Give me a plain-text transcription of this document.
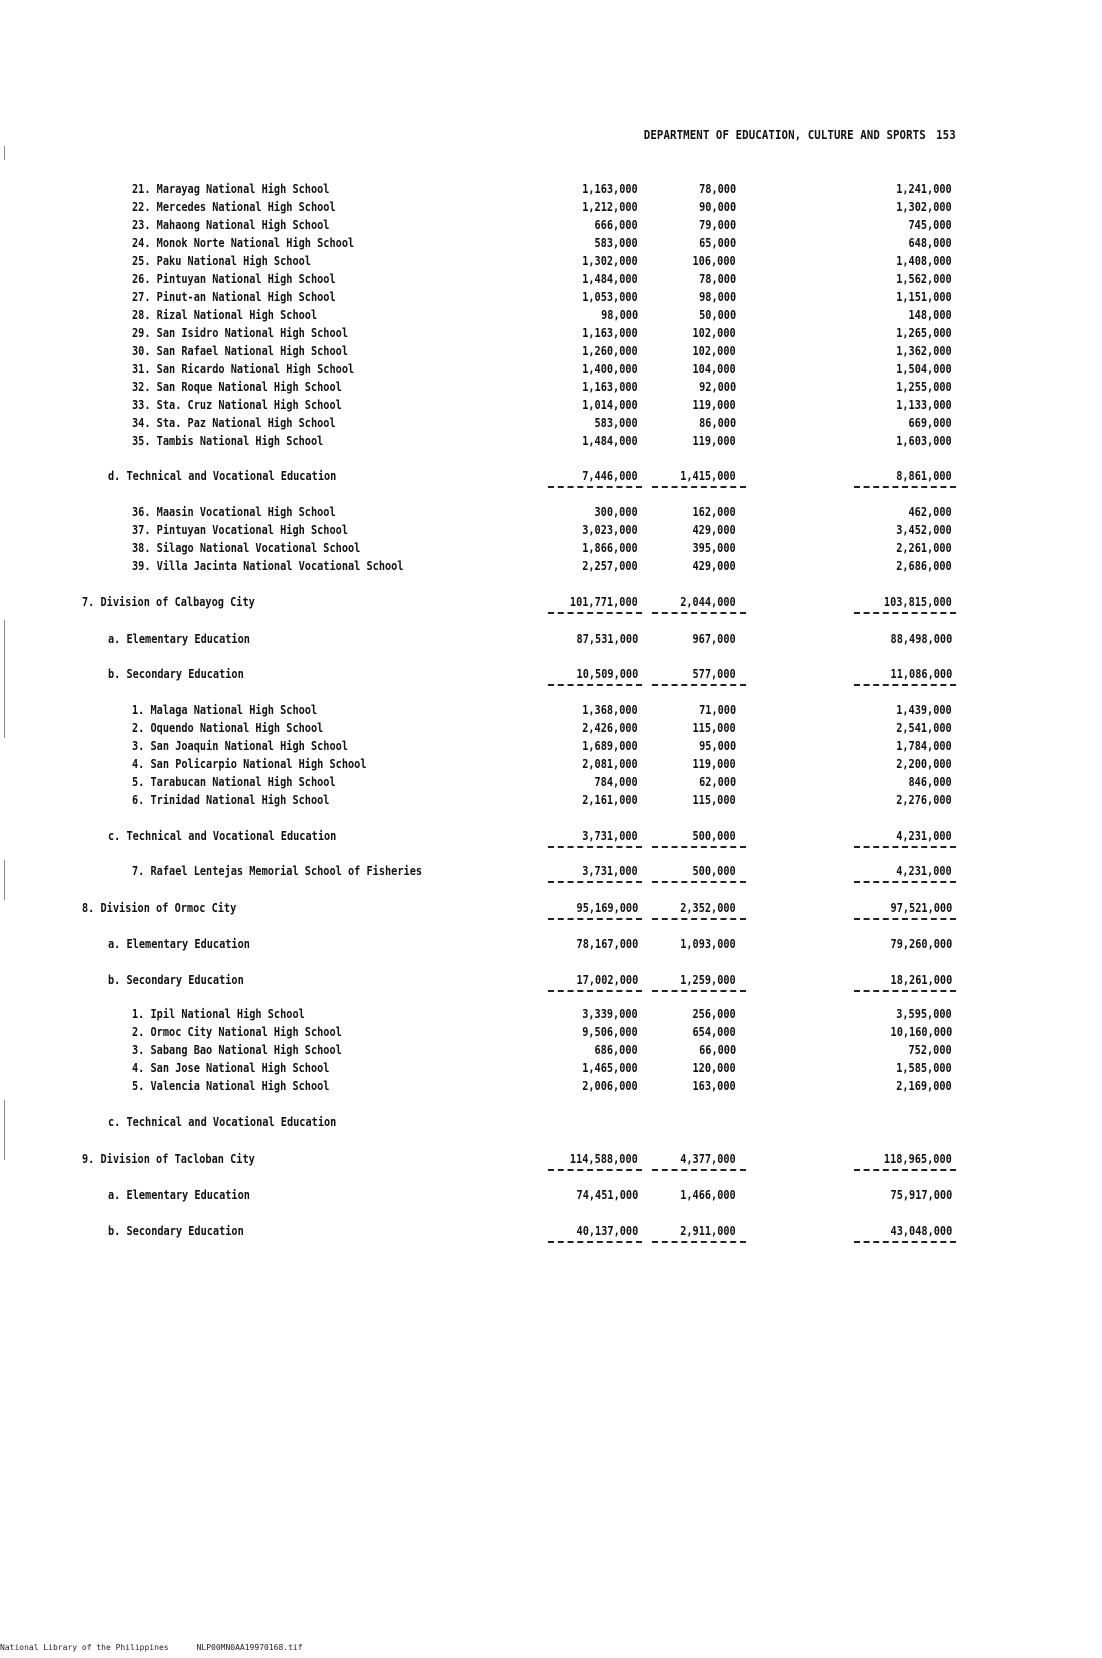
DEPARTMENT OF EDUCATION, CULTURE AND SPORTS 153
21. Marayag National High School	1,163,000	78,000	1,241,000
22. Mercedes National High School	1,212,000	90,000	1,302,000
23. Mahaong National High School	666,000	79,000	745,000
24. Monok Norte National High School	583,000	65,000	648,000
25. Paku National High School	1,302,000	106,000	1,408,000
26. Pintuyan National High School	1,484,000	78,000	1,562,000
27. Pinut-an National High School	1,053,000	98,000	1,151,000
28. Rizal National High School	98,000	50,000	148,000
29. San Isidro National High School	1,163,000	102,000	1,265,000
30. San Rafael National High School	1,260,000	102,000	1,362,000
31. San Ricardo National High School	1,400,000	104,000	1,504,000
32. San Roque National High School	1,163,000	92,000	1,255,000
33. Sta. Cruz National High School	1,014,000	119,000	1,133,000
34. Sta. Paz National High School	583,000	86,000	669,000
35. Tambis National High School	1,484,000	119,000	1,603,000
d. Technical and Vocational Education	7,446,000	1,415,000	8,861,000
36. Maasin Vocational High School	300,000	162,000	462,000
37. Pintuyan Vocational High School	3,023,000	429,000	3,452,000
38. Silago National Vocational School	1,866,000	395,000	2,261,000
39. Villa Jacinta National Vocational School	2,257,000	429,000	2,686,000
7. Division of Calbayog City	101,771,000	2,044,000	103,815,000
a. Elementary Education	87,531,000	967,000	88,498,000
b. Secondary Education	10,509,000	577,000	11,086,000
1. Malaga National High School	1,368,000	71,000	1,439,000
2. Oquendo National High School	2,426,000	115,000	2,541,000
3. San Joaquin National High School	1,689,000	95,000	1,784,000
4. San Policarpio National High School	2,081,000	119,000	2,200,000
5. Tarabucan National High School	784,000	62,000	846,000
6. Trinidad National High School	2,161,000	115,000	2,276,000
c. Technical and Vocational Education	3,731,000	500,000	4,231,000
7. Rafael Lentejas Memorial School of Fisheries	3,731,000	500,000	4,231,000
8. Division of Ormoc City	95,169,000	2,352,000	97,521,000
a. Elementary Education	78,167,000	1,093,000	79,260,000
b. Secondary Education	17,002,000	1,259,000	18,261,000
1. Ipil National High School	3,339,000	256,000	3,595,000
2. Ormoc City National High School	9,506,000	654,000	10,160,000
3. Sabang Bao National High School	686,000	66,000	752,000
4. San Jose National High School	1,465,000	120,000	1,585,000
5. Valencia National High School	2,006,000	163,000	2,169,000
c. Technical and Vocational Education
9. Division of Tacloban City	114,588,000	4,377,000	118,965,000
a. Elementary Education	74,451,000	1,466,000	75,917,000
b. Secondary Education	40,137,000	2,911,000	43,048,000
National Library of the Philippines	NLP00MN0AA19970168.tif
